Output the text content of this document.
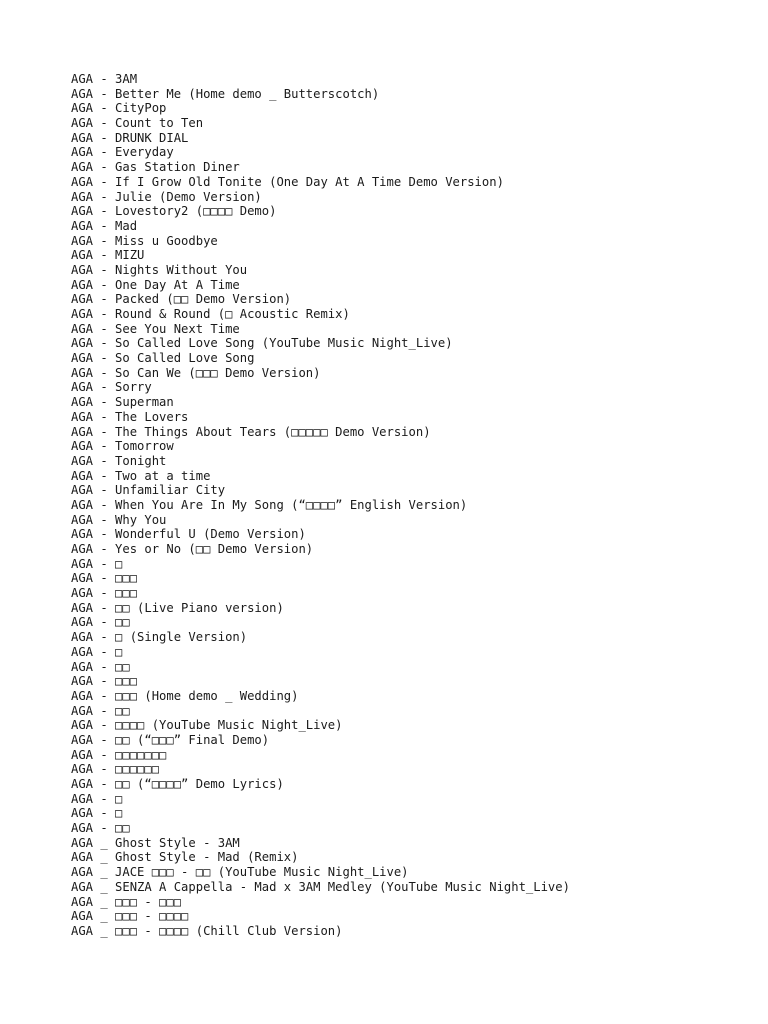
AGA - 3AM
AGA - Better Me (Home demo _ Butterscotch)
AGA - CityPop
AGA - Count to Ten
AGA - DRUNK DIAL
AGA - Everyday
AGA - Gas Station Diner
AGA - If I Grow Old Tonite (One Day At A Time Demo Version)
AGA - Julie (Demo Version)
AGA - Lovestory2 (□□□□ Demo)
AGA - Mad
AGA - Miss u Goodbye
AGA - MIZU
AGA - Nights Without You
AGA - One Day At A Time
AGA - Packed (□□ Demo Version)
AGA - Round & Round (□ Acoustic Remix)
AGA - See You Next Time
AGA - So Called Love Song (YouTube Music Night_Live)
AGA - So Called Love Song
AGA - So Can We (□□□ Demo Version)
AGA - Sorry
AGA - Superman
AGA - The Lovers
AGA - The Things About Tears (□□□□□ Demo Version)
AGA - Tomorrow
AGA - Tonight
AGA - Two at a time
AGA - Unfamiliar City
AGA - When You Are In My Song (“□□□□” English Version)
AGA - Why You
AGA - Wonderful U (Demo Version)
AGA - Yes or No (□□ Demo Version)
AGA - □
AGA - □□□
AGA - □□□
AGA - □□ (Live Piano version)
AGA - □□
AGA - □ (Single Version)
AGA - □
AGA - □□
AGA - □□□
AGA - □□□ (Home demo _ Wedding)
AGA - □□
AGA - □□□□ (YouTube Music Night_Live)
AGA - □□ (“□□□” Final Demo)
AGA - □□□□□□□
AGA - □□□□□□
AGA - □□ (“□□□□” Demo Lyrics)
AGA - □
AGA - □
AGA - □□
AGA _ Ghost Style - 3AM
AGA _ Ghost Style - Mad (Remix)
AGA _ JACE □□□ - □□ (YouTube Music Night_Live)
AGA _ SENZA A Cappella - Mad x 3AM Medley (YouTube Music Night_Live)
AGA _ □□□ - □□□
AGA _ □□□ - □□□□
AGA _ □□□ - □□□□ (Chill Club Version)
